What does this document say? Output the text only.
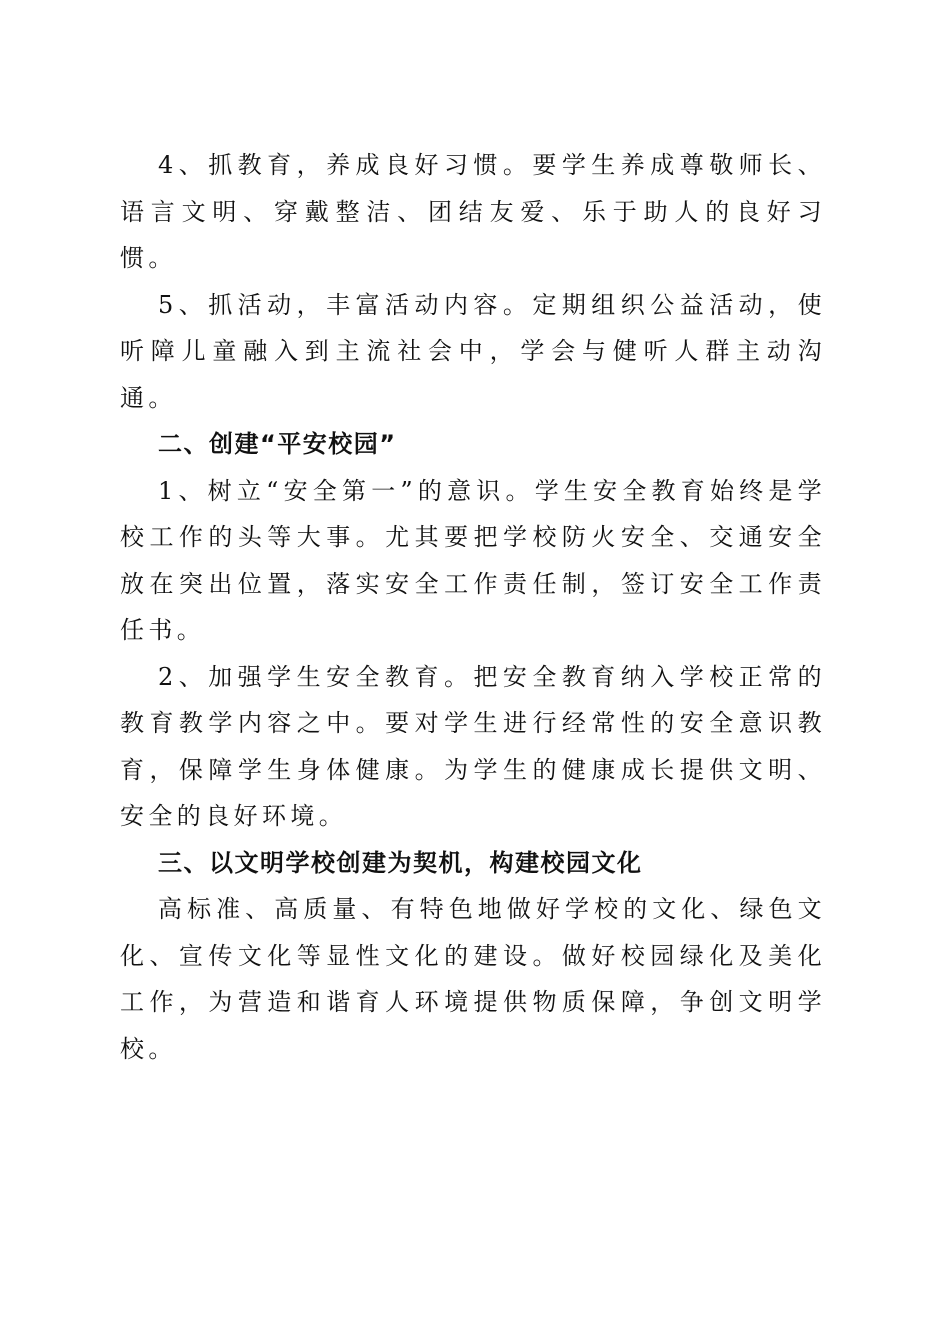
4、抓教育，养成良好习惯。要学生养成尊敬师长、语言文明、穿戴整洁、团结友爱、乐于助人的良好习惯。

5、抓活动，丰富活动内容。定期组织公益活动，使听障儿童融入到主流社会中，学会与健听人群主动沟通。

二、创建“平安校园”

1、树立“安全第一”的意识。学生安全教育始终是学校工作的头等大事。尤其要把学校防火安全、交通安全放在突出位置，落实安全工作责任制，签订安全工作责任书。

2、加强学生安全教育。把安全教育纳入学校正常的教育教学内容之中。要对学生进行经常性的安全意识教育，保障学生身体健康。为学生的健康成长提供文明、安全的良好环境。

三、以文明学校创建为契机，构建校园文化

高标准、高质量、有特色地做好学校的文化、绿色文化、宣传文化等显性文化的建设。做好校园绿化及美化工作，为营造和谐育人环境提供物质保障，争创文明学校。
